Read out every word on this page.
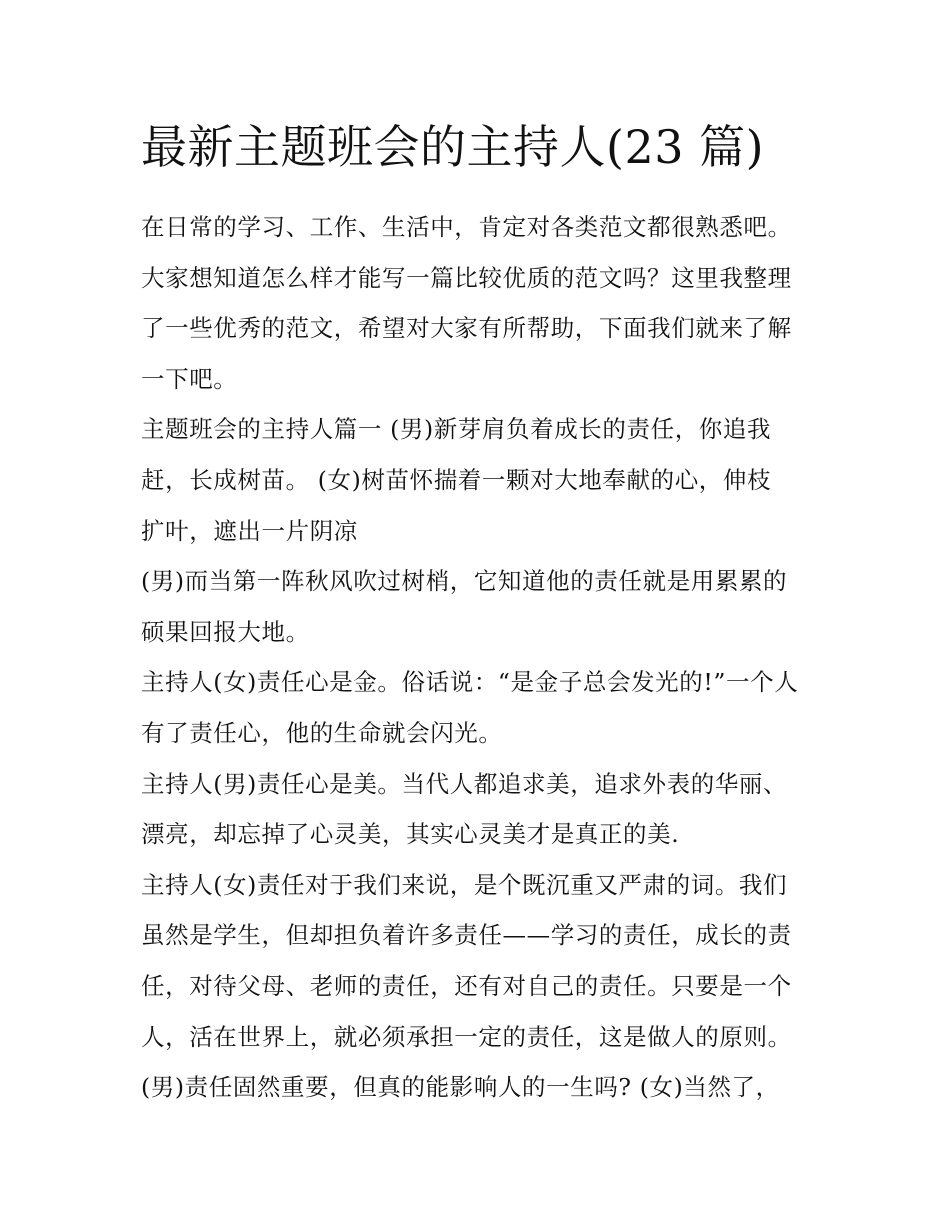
最新主题班会的主持人(23 篇)
在日常的学习、工作、生活中，肯定对各类范文都很熟悉吧。
大家想知道怎么样才能写一篇比较优质的范文吗？这里我整理
了一些优秀的范文，希望对大家有所帮助，下面我们就来了解
一下吧。
主题班会的主持人篇一 (男)新芽肩负着成长的责任，你追我
赶，长成树苗。 (女)树苗怀揣着一颗对大地奉献的心，伸枝
扩叶，遮出一片阴凉
(男)而当第一阵秋风吹过树梢，它知道他的责任就是用累累的
硕果回报大地。
主持人(女)责任心是金。俗话说：“是金子总会发光的!”一个人
有了责任心，他的生命就会闪光。
主持人(男)责任心是美。当代人都追求美，追求外表的华丽、
漂亮，却忘掉了心灵美，其实心灵美才是真正的美.
主持人(女)责任对于我们来说，是个既沉重又严肃的词。我们
虽然是学生，但却担负着许多责任——学习的责任，成长的责
任，对待父母、老师的责任，还有对自己的责任。只要是一个
人，活在世界上，就必须承担一定的责任，这是做人的原则。
(男)责任固然重要，但真的能影响人的一生吗? (女)当然了，
